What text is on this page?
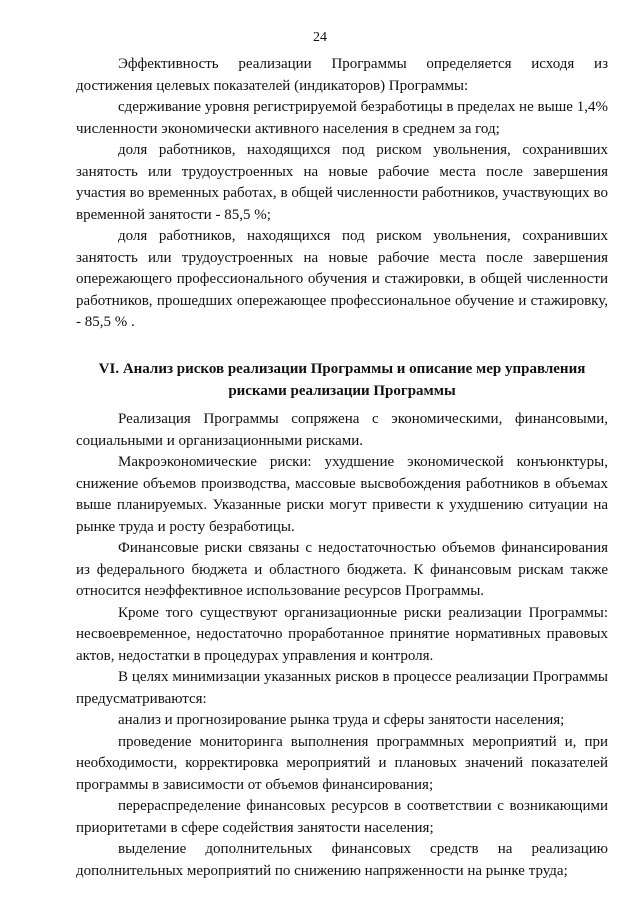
24

Эффективность реализации Программы определяется исходя из достижения целевых показателей (индикаторов) Программы:

сдерживание уровня регистрируемой безработицы в пределах не выше 1,4% численности экономически активного населения в среднем за год;

доля работников, находящихся под риском увольнения, сохранивших занятость или трудоустроенных на новые рабочие места после завершения участия во временных работах, в общей численности работников, участвующих во временной занятости - 85,5 %;

доля работников, находящихся под риском увольнения, сохранивших занятость или трудоустроенных на новые рабочие места после завершения опережающего профессионального обучения и стажировки, в общей численности работников, прошедших опережающее профессиональное обучение и стажировку, - 85,5 % .

VI. Анализ рисков реализации Программы и описание мер управления
рисками реализации Программы

Реализация Программы сопряжена с экономическими, финансовыми, социальными и организационными рисками.

Макроэкономические риски: ухудшение экономической конъюнктуры, снижение объемов производства, массовые высвобождения работников в объемах выше планируемых. Указанные риски могут привести к ухудшению ситуации на рынке труда и росту безработицы.

Финансовые риски связаны с недостаточностью объемов финансирования из федерального бюджета и областного бюджета. К финансовым рискам также относится неэффективное использование ресурсов Программы.

Кроме того существуют организационные риски реализации Программы: несвоевременное, недостаточно проработанное принятие нормативных правовых актов, недостатки в процедурах управления и контроля.

В целях минимизации указанных рисков в процессе реализации Программы предусматриваются:

анализ и прогнозирование рынка труда и сферы занятости населения;

проведение мониторинга выполнения программных мероприятий и, при необходимости, корректировка мероприятий и плановых значений показателей программы в зависимости от объемов финансирования;

перераспределение финансовых ресурсов в соответствии с возникающими приоритетами в сфере содействия занятости населения;

выделение дополнительных финансовых средств на реализацию дополнительных мероприятий по снижению напряженности на рынке труда;
